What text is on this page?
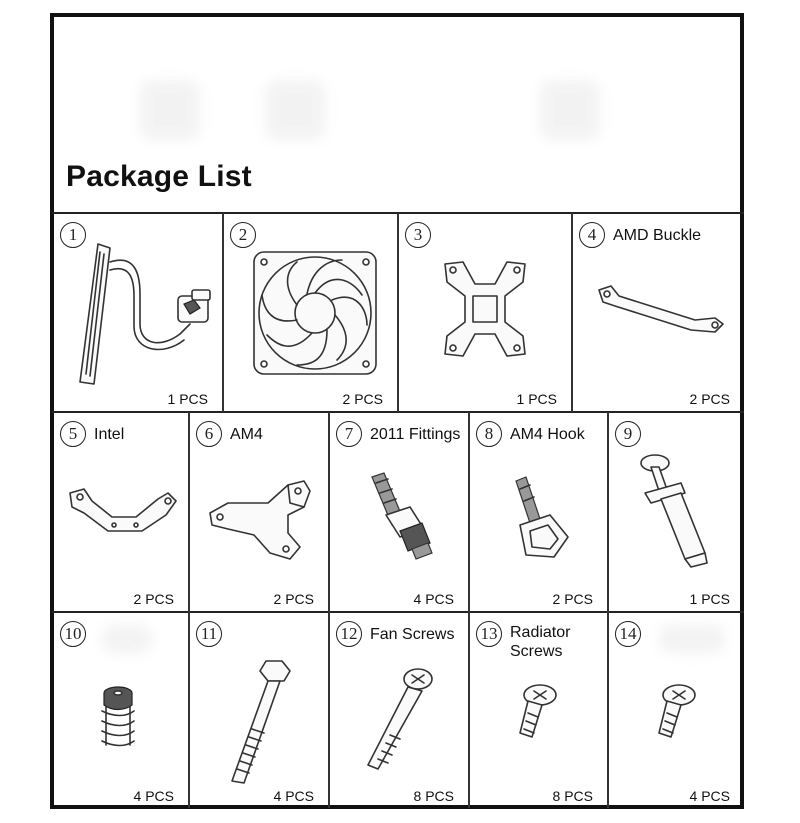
Package List
1
1 PCS
2
2 PCS
3
1 PCS
4	AMD Buckle
2 PCS
5	Intel
2 PCS
6	AM4
2 PCS
7	2011 Fittings
4 PCS
8	AM4 Hook
2 PCS
9
1 PCS
10
4 PCS
11
4 PCS
12 Fan Screws
8 PCS
13 Radiator Screws
8 PCS
14
4 PCS
